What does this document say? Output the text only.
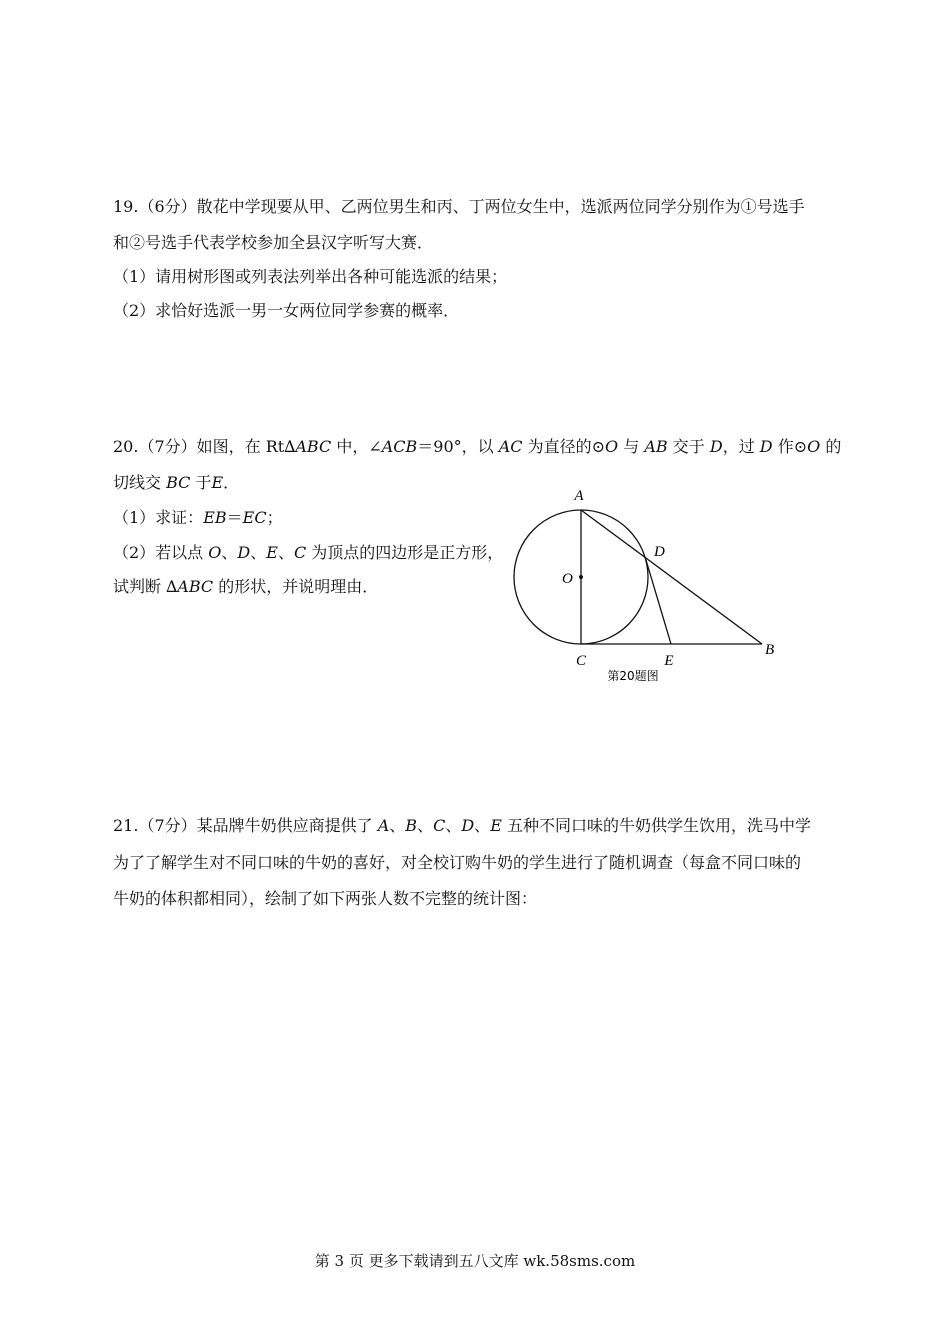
19.（6分）散花中学现要从甲、乙两位男生和丙、丁两位女生中，选派两位同学分别作为①号选手
和②号选手代表学校参加全县汉字听写大赛．
（1）请用树形图或列表法列举出各种可能选派的结果；
（2）求恰好选派一男一女两位同学参赛的概率．
20.（7分）如图，在 Rt∆ABC 中，∠ACB＝90°，以 AC 为直径的⊙O 与 AB 交于 D，过 D 作⊙O 的
切线交 BC 于E．
（1）求证：EB＝EC；
（2）若以点 O、D、E、C 为顶点的四边形是正方形，
试判断 ∆ABC 的形状，并说明理由．
A
B
C
D
E
O
第20题图
21.（7分）某品牌牛奶供应商提供了 A、B、C、D、E 五种不同口味的牛奶供学生饮用，洗马中学
为了了解学生对不同口味的牛奶的喜好，对全校订购牛奶的学生进行了随机调查（每盒不同口味的
牛奶的体积都相同），绘制了如下两张人数不完整的统计图：
第 3 页 更多下载请到五八文库 wk.58sms.com
